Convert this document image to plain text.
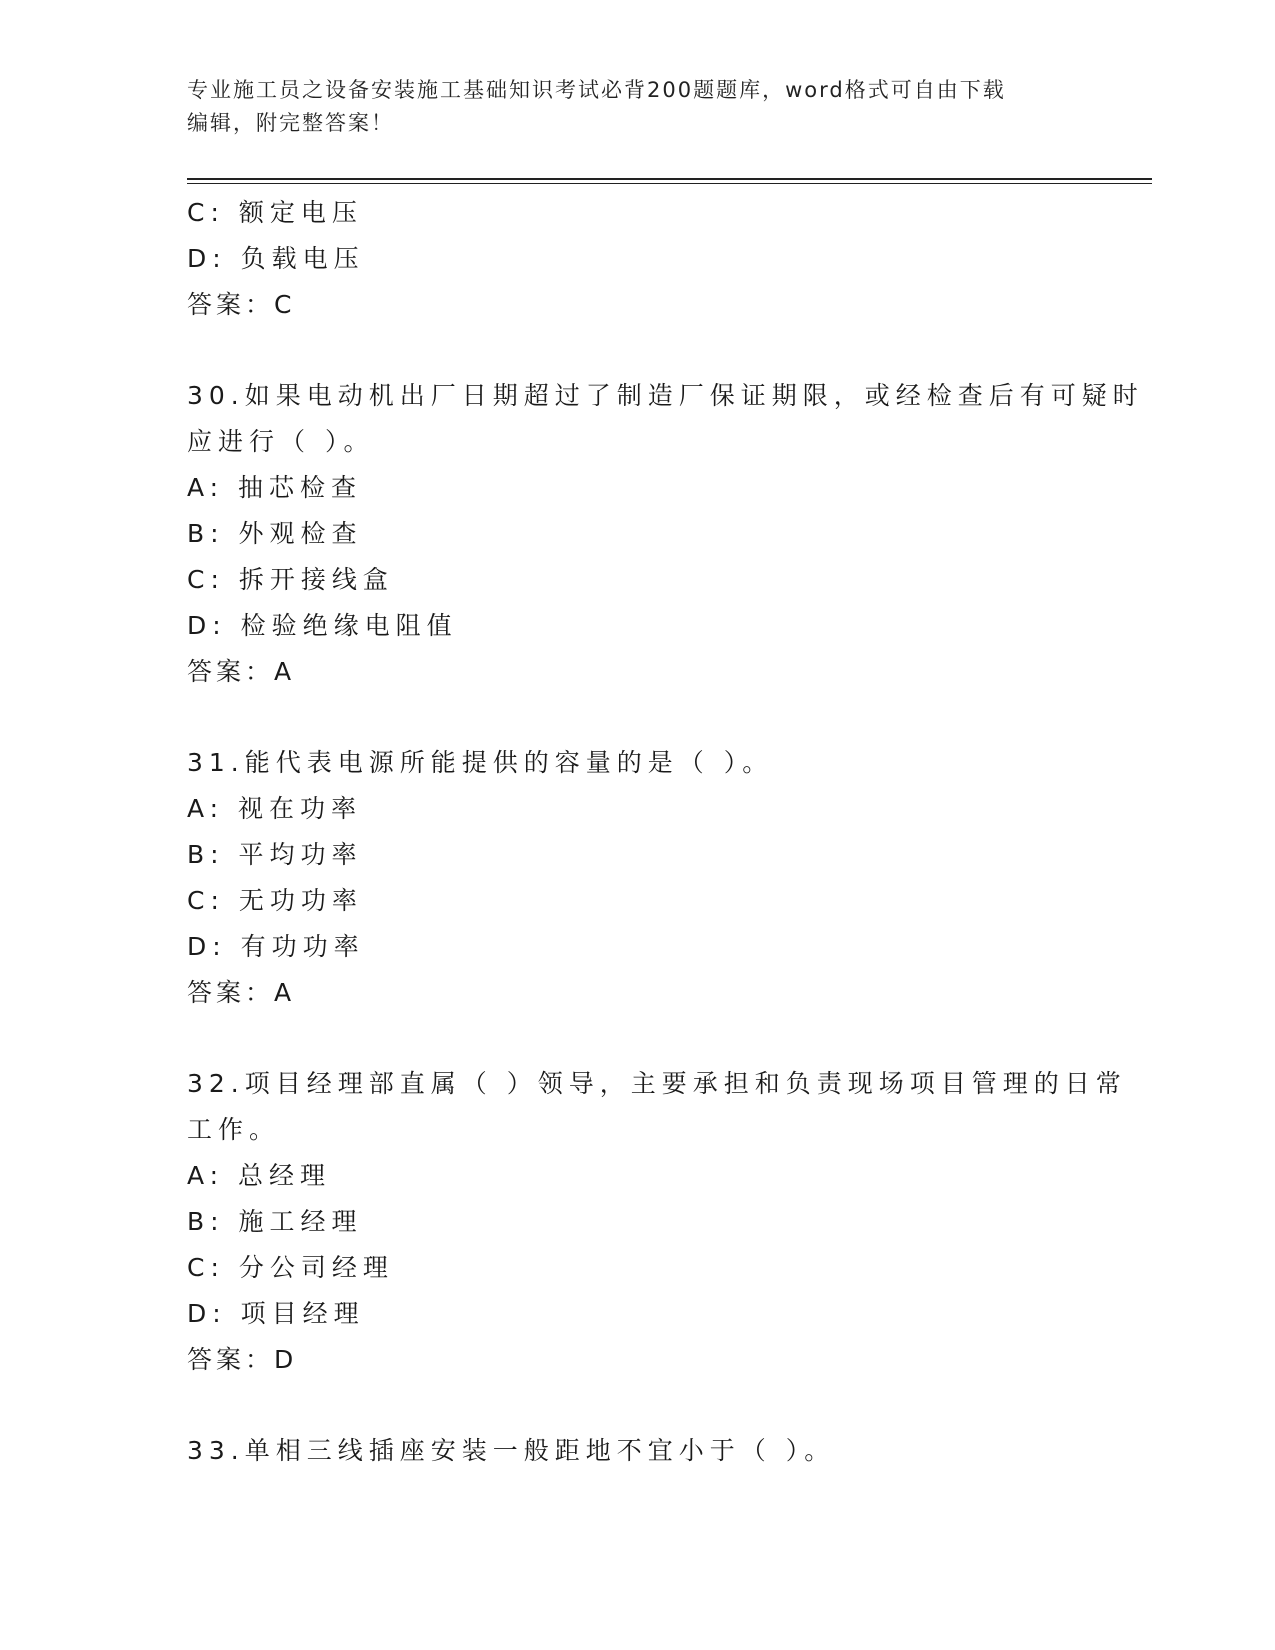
专业施工员之设备安装施工基础知识考试必背200题题库，word格式可自由下载
编辑，附完整答案！
C: 额定电压
D: 负载电压
答案：C
30.如果电动机出厂日期超过了制造厂保证期限，或经检查后有可疑时
应进行（ ）。
A: 抽芯检查
B: 外观检查
C: 拆开接线盒
D: 检验绝缘电阻值
答案：A
31.能代表电源所能提供的容量的是（ ）。
A: 视在功率
B: 平均功率
C: 无功功率
D: 有功功率
答案：A
32.项目经理部直属（ ）领导，主要承担和负责现场项目管理的日常
工作。
A: 总经理
B: 施工经理
C: 分公司经理
D: 项目经理
答案：D
33.单相三线插座安装一般距地不宜小于（ ）。
